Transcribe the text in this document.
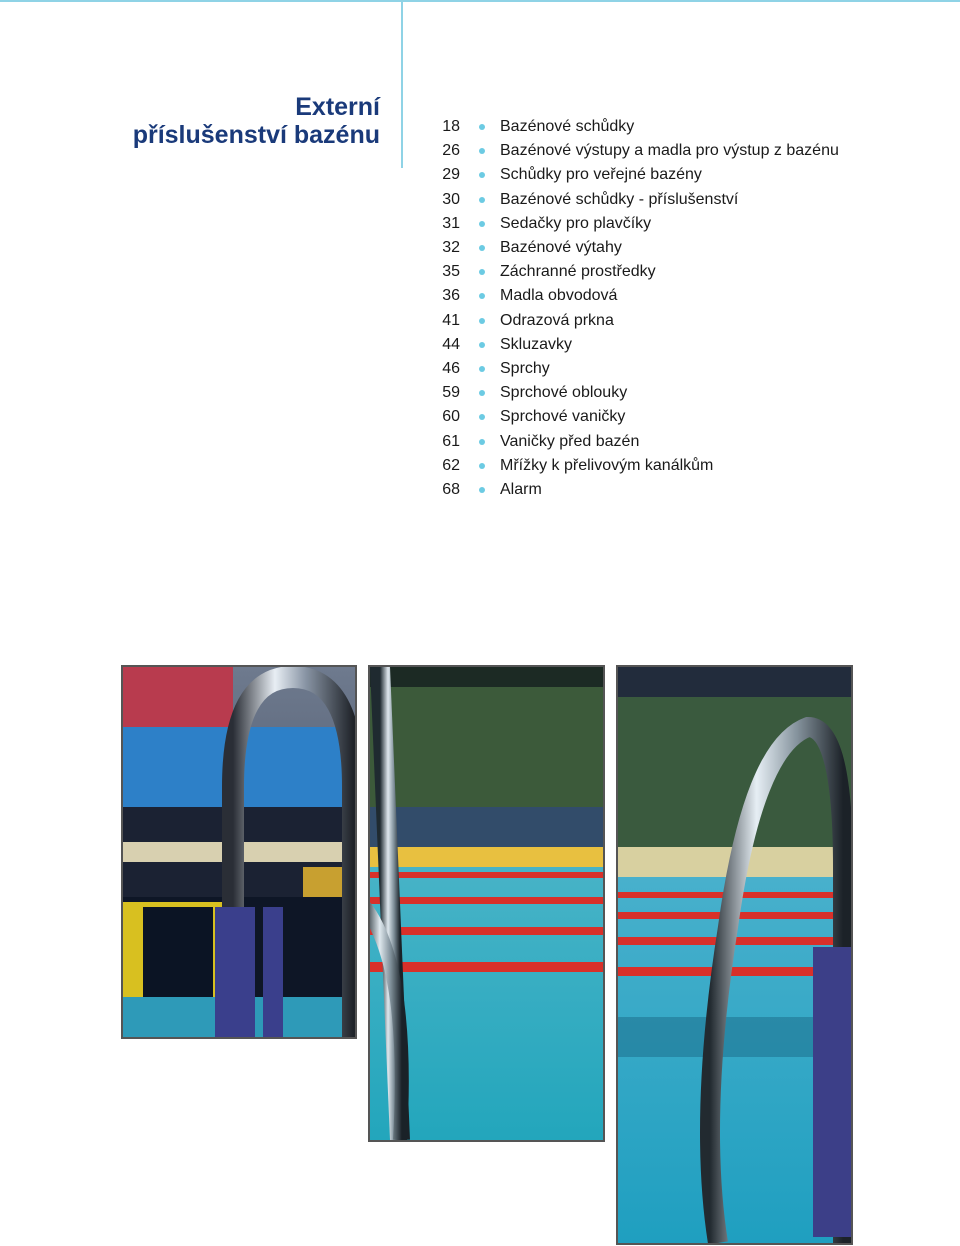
Externí
příslušenství bazénu	18	Bazénové schůdky
26	Bazénové výstupy a madla pro výstup z bazénu
29	Schůdky pro veřejné bazény
30	Bazénové schůdky - příslušenství
31	Sedačky pro plavčíky
32	Bazénové výtahy
35	Záchranné prostředky
36	Madla obvodová
41	Odrazová prkna
44	Skluzavky
46	Sprchy
59	Sprchové oblouky
60	Sprchové vaničky
61	Vaničky před bazén
62	Mřížky k přelivovým kanálkům
68	Alarm
